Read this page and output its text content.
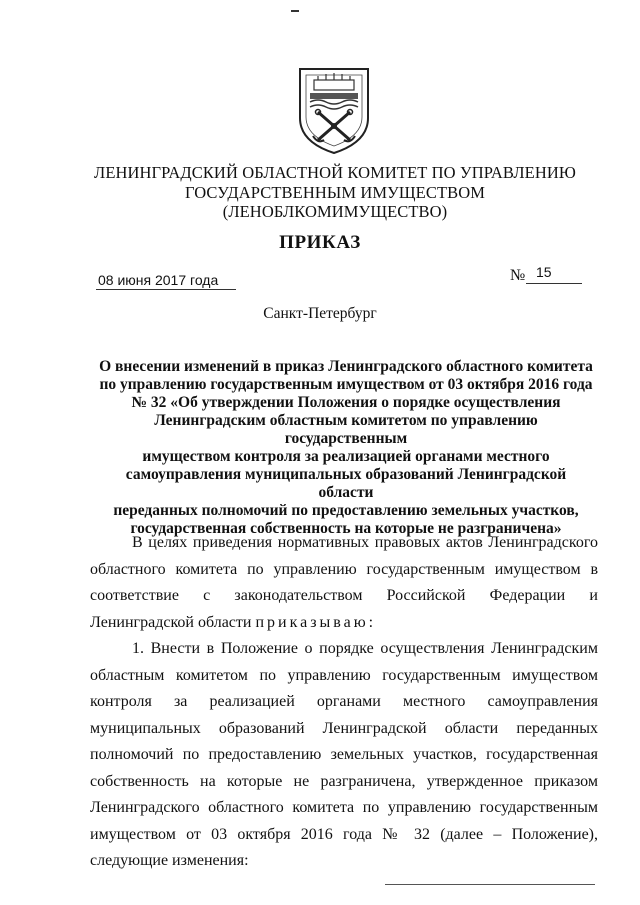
ЛЕНИНГРАДСКИЙ ОБЛАСТНОЙ КОМИТЕТ ПО УПРАВЛЕНИЮ
ГОСУДАРСТВЕННЫМ ИМУЩЕСТВОМ
(ЛЕНОБЛКОМИМУЩЕСТВО)
ПРИКАЗ
08 июня 2017 года	№ 15
Санкт-Петербург
О внесении изменений в приказ Ленинградского областного комитета
по управлению государственным имуществом от 03 октября 2016 года
№ 32 «Об утверждении Положения о порядке осуществления
Ленинградским областным комитетом по управлению государственным
имуществом контроля за реализацией органами местного
самоуправления муниципальных образований Ленинградской области
переданных полномочий по предоставлению земельных участков,
государственная собственность на которые не разграничена»

В целях приведения нормативных правовых актов Ленинградского областного комитета по управлению государственным имуществом в соответствие с законодательством Российской Федерации и Ленинградской области приказываю:

1. Внести в Положение о порядке осуществления Ленинградским областным комитетом по управлению государственным имуществом контроля за реализацией органами местного самоуправления муниципальных образований Ленинградской области переданных полномочий по предоставлению земельных участков, государственная собственность на которые не разграничена, утвержденное приказом Ленинградского областного комитета по управлению государственным имуществом от 03 октября 2016 года № 32 (далее – Положение), следующие изменения:
